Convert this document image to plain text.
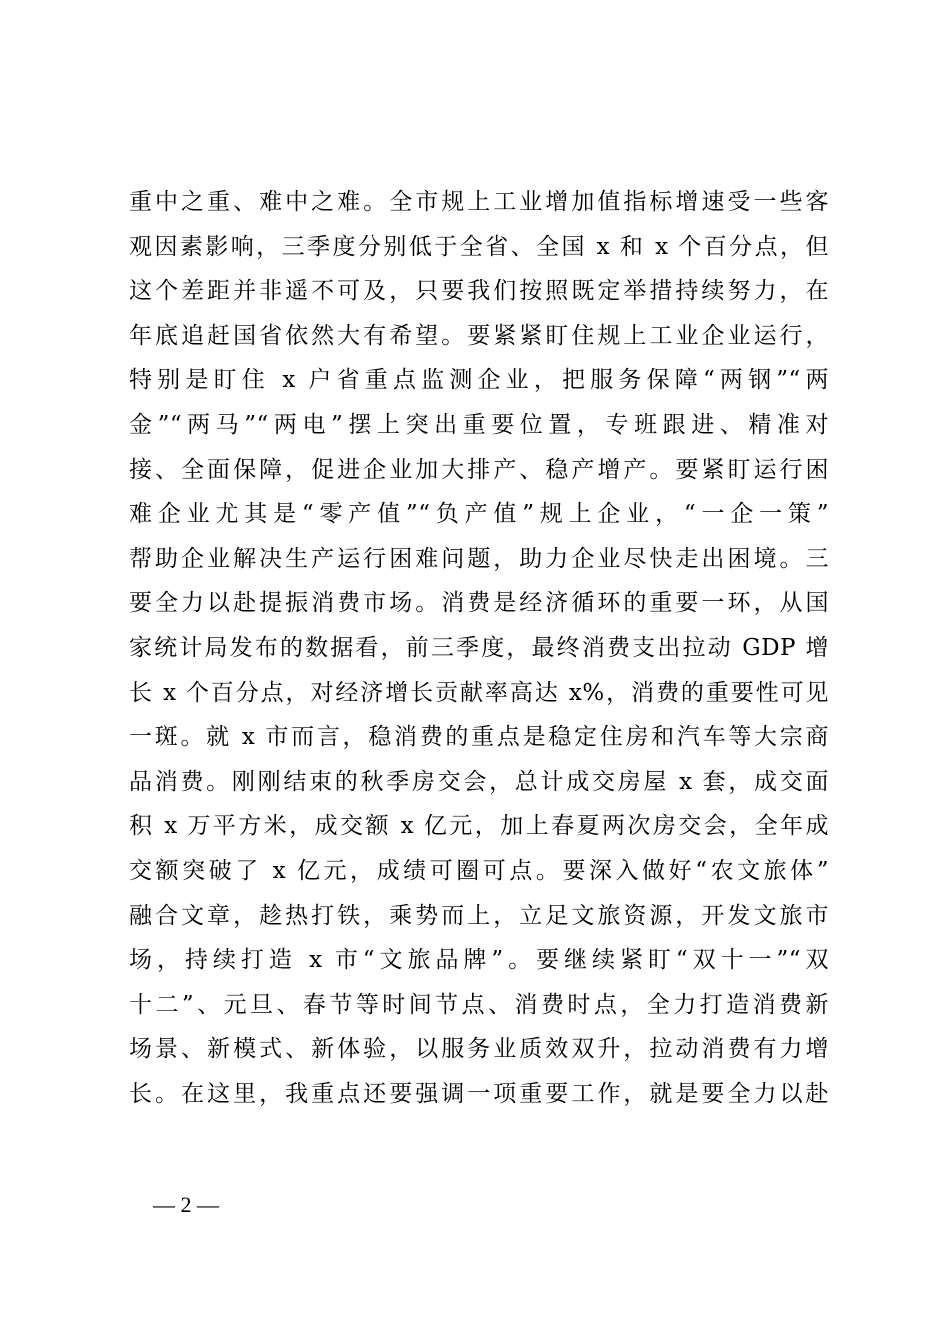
重中之重、难中之难。全市规上工业增加值指标增速受一些客
观因素影响，三季度分别低于全省、全国 x 和 x 个百分点，但
这个差距并非遥不可及，只要我们按照既定举措持续努力，在
年底追赶国省依然大有希望。要紧紧盯住规上工业企业运行，
特别是盯住 x 户省重点监测企业，把服务保障“两钢”“两
金”“两马”“两电”摆上突出重要位置，专班跟进、精准对
接、全面保障，促进企业加大排产、稳产增产。要紧盯运行困
难企业尤其是“零产值”“负产值”规上企业，“一企一策”
帮助企业解决生产运行困难问题，助力企业尽快走出困境。三
要全力以赴提振消费市场。消费是经济循环的重要一环，从国
家统计局发布的数据看，前三季度，最终消费支出拉动 GDP 增
长 x 个百分点，对经济增长贡献率高达 x%，消费的重要性可见
一斑。就 x 市而言，稳消费的重点是稳定住房和汽车等大宗商
品消费。刚刚结束的秋季房交会，总计成交房屋 x 套，成交面
积 x 万平方米，成交额 x 亿元，加上春夏两次房交会，全年成
交额突破了 x 亿元，成绩可圈可点。要深入做好“农文旅体”
融合文章，趁热打铁，乘势而上，立足文旅资源，开发文旅市
场，持续打造 x 市“文旅品牌”。要继续紧盯“双十一”“双
十二”、元旦、春节等时间节点、消费时点，全力打造消费新
场景、新模式、新体验，以服务业质效双升，拉动消费有力增
长。在这里，我重点还要强调一项重要工作，就是要全力以赴
— 2 —
